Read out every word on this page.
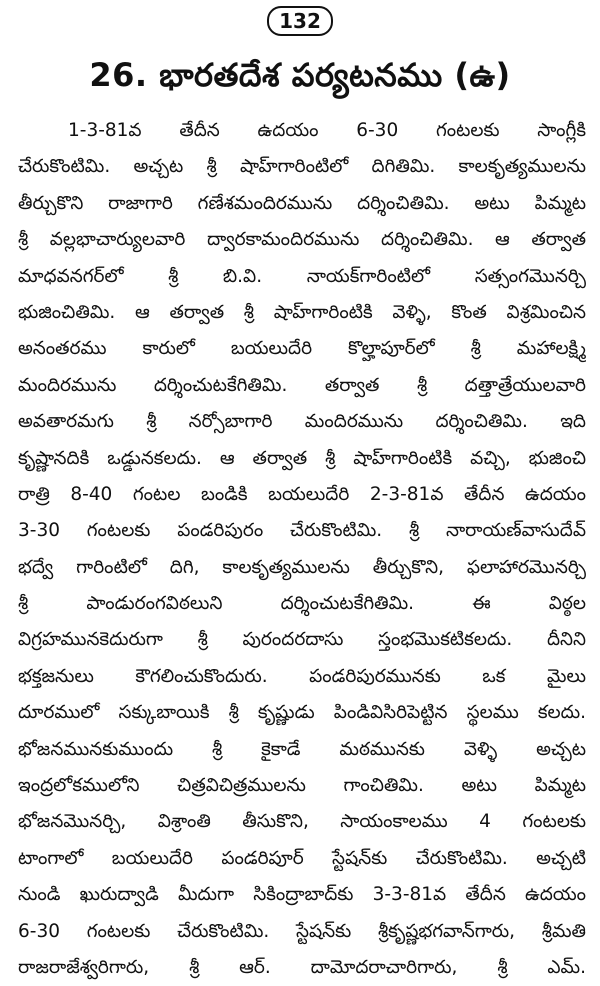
132
26. భారతదేశ పర్యటనము (ఉ)
1-3-81వ తేదీన ఉదయం 6-30 గంటలకు సాంగ్లీకి
చేరుకొంటిమి. అచ్చట శ్రీ షాహ్‌గారింటిలో దిగితిమి. కాలకృత్యములను
తీర్చుకొని రాజాగారి గణేశమందిరమును దర్శించితిమి. అటు పిమ్మట
శ్రీ వల్లభాచార్యులవారి ద్వారకామందిరమును దర్శించితిమి. ఆ తర్వాత
మాధవనగర్‌లో శ్రీ బి.వి. నాయక్‌గారింటిలో సత్సంగమొనర్చి
భుజించితిమి. ఆ తర్వాత శ్రీ షాహ్‌గారింటికి వెళ్ళి, కొంత విశ్రమించిన
అనంతరము కారులో బయలుదేరి కొల్హాపూర్‌లో శ్రీ మహాలక్ష్మి
మందిరమును దర్శించుటకేగితిమి. తర్వాత శ్రీ దత్తాత్రేయులవారి
అవతారమగు శ్రీ నర్సోబాగారి మందిరమును దర్శించితిమి. ఇది
కృష్ణానదికి ఒడ్డునకలదు. ఆ తర్వాత శ్రీ షాహ్‌గారింటికి వచ్చి, భుజించి
రాత్రి 8-40 గంటల బండికి బయలుదేరి 2-3-81వ తేదీన ఉదయం
3-30 గంటలకు పండరిపురం చేరుకొంటిమి. శ్రీ నారాయణ్‌వాసుదేవ్
భద్వే గారింటిలో దిగి, కాలకృత్యములను తీర్చుకొని, ఫలాహారమొనర్చి
శ్రీ పాండురంగవిఠలుని దర్శించుటకేగితిమి. ఈ విఠ్ఠల
విగ్రహమునకెదురుగా శ్రీ పురందరదాసు స్తంభమొకటికలదు. దీనిని
భక్తజనులు కౌగలించుకొందురు. పండరిపురమునకు ఒక మైలు
దూరములో సక్కుబాయికి శ్రీ కృష్ణుడు పిండివిసిరిపెట్టిన స్థలము కలదు.
భోజనమునకుముందు శ్రీ కైకాడే మఠమునకు వెళ్ళి అచ్చట
ఇంద్రలోకములోని చిత్రవిచిత్రములను గాంచితిమి. అటు పిమ్మట
భోజనమొనర్చి, విశ్రాంతి తీసుకొని, సాయంకాలము 4 గంటలకు
టాంగాలో బయలుదేరి పండరిపూర్ స్టేషన్‌కు చేరుకొంటిమి. అచ్చటి
నుండి ఖురుద్వాడి మీదుగా సికింద్రాబాద్‌కు 3-3-81వ తేదీన ఉదయం
6-30 గంటలకు చేరుకొంటిమి. స్టేషన్‌కు శ్రీకృష్ణభగవాన్‌గారు, శ్రీమతి
రాజరాజేశ్వరిగారు, శ్రీ ఆర్. దామోదరాచారిగారు, శ్రీ ఎమ్.
